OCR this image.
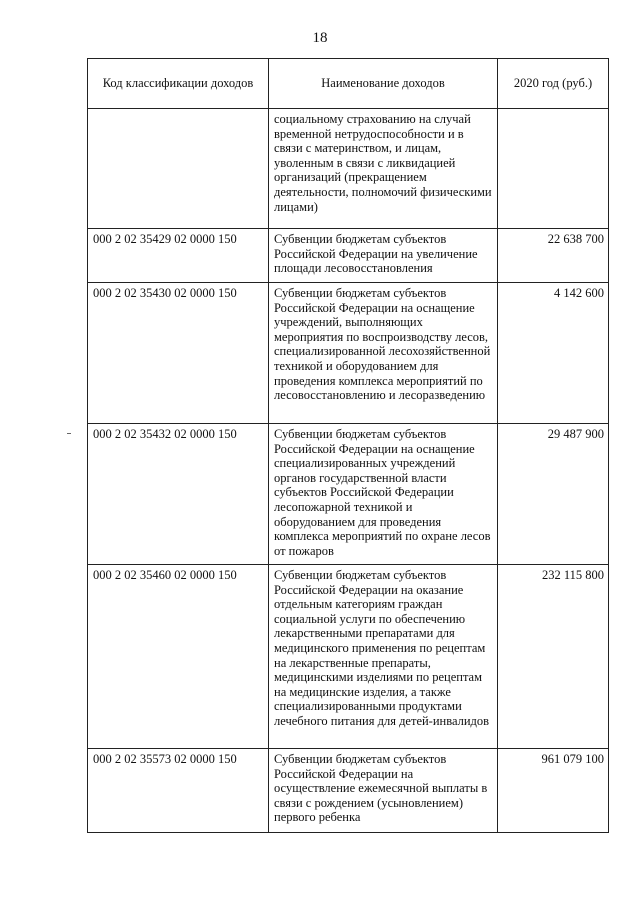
18
Код классификации доходов	Наименование доходов	2020 год (руб.)
	социальному страхованию на случай временной нетрудоспособности и в связи с материнством, и лицам, уволенным в связи с ликвидацией организаций (прекращением деятельности, полномочий физическими лицами)	
000 2 02 35429 02 0000 150	Субвенции бюджетам субъектов Российской Федерации на увеличение площади лесовосстановления	22 638 700
000 2 02 35430 02 0000 150	Субвенции бюджетам субъектов Российской Федерации на оснащение учреждений, выполняющих мероприятия по воспроизводству лесов, специализированной лесохозяйственной техникой и оборудованием для проведения комплекса мероприятий по лесовосстановлению и лесоразведению	4 142 600
000 2 02 35432 02 0000 150	Субвенции бюджетам субъектов Российской Федерации на оснащение специализированных учреждений органов государственной власти субъектов Российской Федерации лесопожарной техникой и оборудованием для проведения комплекса мероприятий по охране лесов от пожаров	29 487 900
000 2 02 35460 02 0000 150	Субвенции бюджетам субъектов Российской Федерации на оказание отдельным категориям граждан социальной услуги по обеспечению лекарственными препаратами для медицинского применения по рецептам на лекарственные препараты, медицинскими изделиями по рецептам на медицинские изделия, а также специализированными продуктами лечебного питания для детей-инвалидов	232 115 800
000 2 02 35573 02 0000 150	Субвенции бюджетам субъектов Российской Федерации на осуществление ежемесячной выплаты в связи с рождением (усыновлением) первого ребенка	961 079 100
